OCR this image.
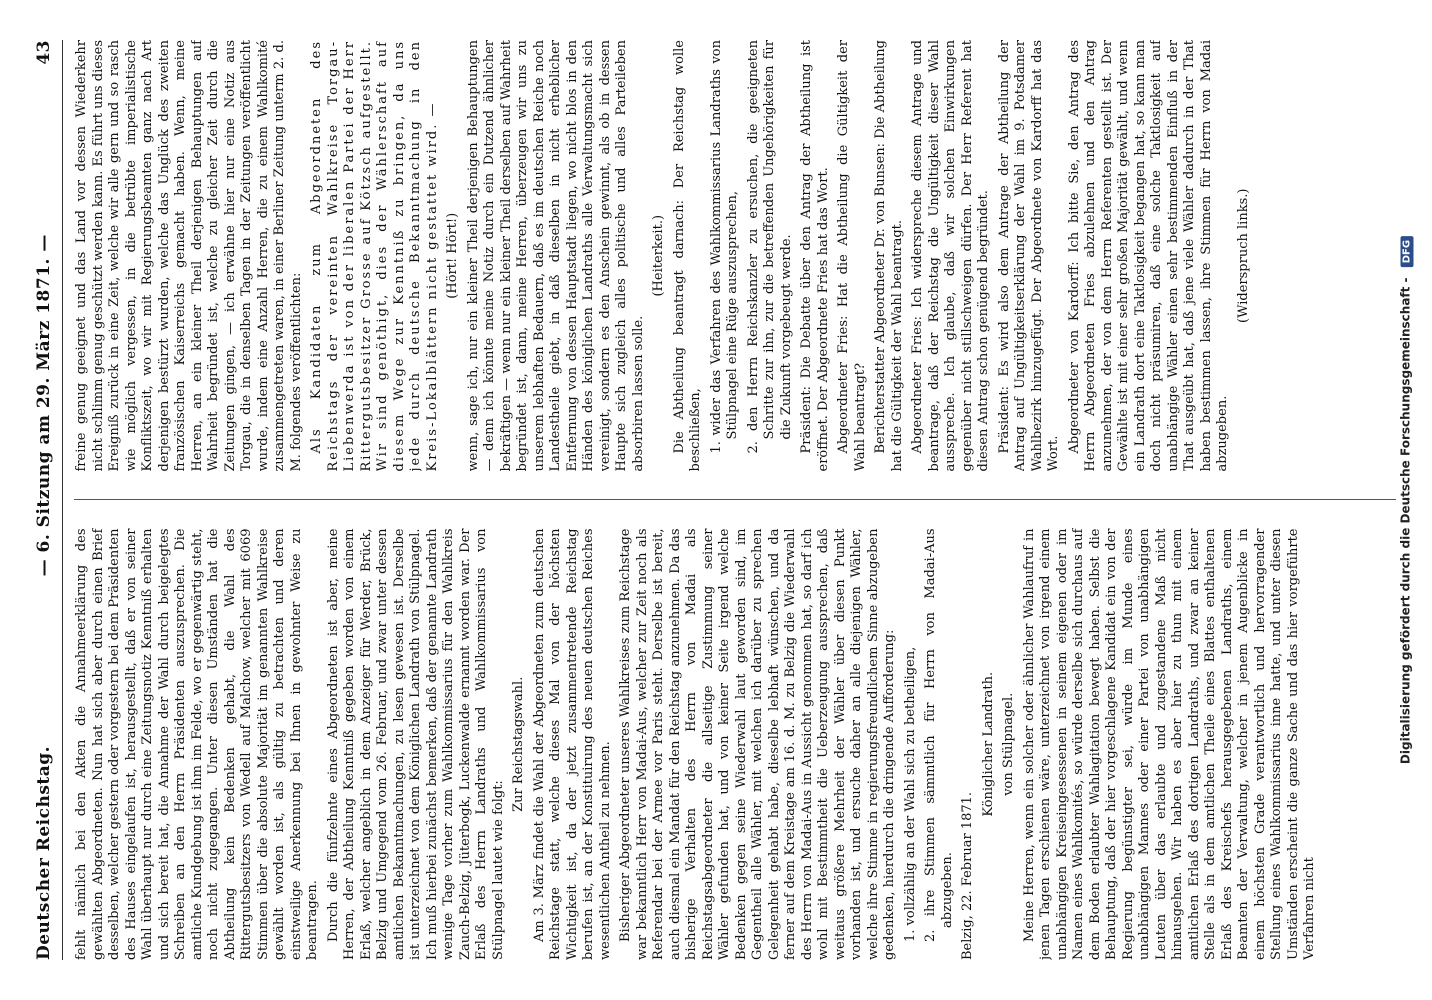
Deutscher Reichstag.
— 6. Sitzung am 29. März 1871. —
43

fehlt nämlich bei den Akten die Annahmeerklärung des gewählten Abgeordneten. Nun hat sich aber durch einen Brief desselben, welcher gestern oder vorgestern bei dem Präsidenten des Hauses eingelaufen ist, herausgestellt, daß er von seiner Wahl überhaupt nur durch eine Zeitungsnotiz Kenntniß erhalten und sich bereit hat, die Annahme der Wahl durch beigelegtes Schreiben an den Herrn Präsidenten auszusprechen. Die amtliche Kundgebung ist ihm im Felde, wo er gegenwärtig steht, noch nicht zugegangen. Unter diesen Umständen hat die Abtheilung kein Bedenken gehabt, die Wahl des Rittergutsbesitzers von Wedell auf Malchow, welcher mit 6069 Stimmen über die absolute Majorität im genannten Wahlkreise gewählt worden ist, als gültig zu betrachten und deren einstweilige Anerkennung bei Ihnen in gewohnter Weise zu beantragen. Durch die fünfzehnte eines Abgeordneten ist aber, meine Herren, der Abtheilung Kenntniß gegeben worden von einem Erlaß, welcher angeblich in dem Anzeiger für Werder, Brück, Belzig und Umgegend vom 26. Februar, und zwar unter dessen amtlichen Bekanntmachungen, zu lesen gewesen ist. Derselbe ist unterzeichnet von dem Königlichen Landrath von Stülpnagel. Ich muß hierbei zunächst bemerken, daß der genannte Landrath wenige Tage vorher zum Wahlkommissarius für den Wahlkreis Zauch-Belzig, Jüterbogk, Luckenwalde ernannt worden war. Der Erlaß des Herrn Landraths und Wahlkommissarius von Stülpnagel lautet wie folgt:

Zur Reichstagswahl. Am 3. März findet die Wahl der Abgeordneten zum deutschen Reichstage statt, welche dieses Mal von der höchsten Wichtigkeit ist, da der jetzt zusammentretende Reichstag berufen ist, an der Konstituirung des neuen deutschen Reiches wesentlichen Antheil zu nehmen. Bisheriger Abgeordneter unseres Wahlkreises zum Reichstage war bekanntlich Herr von Madai-Aus, welcher zur Zeit noch als Referendar bei der Armee vor Paris steht. Derselbe ist bereit, auch diesmal ein Mandat für den Reichstag anzunehmen. Da das bisherige Verhalten des Herrn von Madai als Reichstagsabgeordneter die allseitige Zustimmung seiner Wähler gefunden hat, und von keiner Seite irgend welche Bedenken gegen seine Wiederwahl laut geworden sind, im Gegentheil alle Wähler, mit welchen ich darüber zu sprechen Gelegenheit gehabt habe, dieselbe lebhaft wünschen, und da ferner auf dem Kreistage am 16. d. M. zu Belzig die Wiederwahl des Herrn von Madai-Aus in Aussicht genommen hat, so darf ich wohl mit Bestimmtheit die Ueberzeugung aussprechen, daß weitaus größere Mehrheit der Wähler über diesen Punkt vorhanden ist, und ersuche daher an alle diejenigen Wähler, welche ihre Stimme in regierungsfreundlichem Sinne abzugeben gedenken, hierdurch die dringende Aufforderung: 1. vollzählig an der Wahl sich zu betheiligen, 2. ihre Stimmen sämmtlich für Herrn von Madai-Aus abzugeben. Belzig, 22. Februar 1871.

Königlicher Landrath. von Stülpnagel. Meine Herren, wenn ein solcher oder ähnlicher Wahlaufruf in jenen Tagen erschienen wäre, unterzeichnet von irgend einem unabhängigen Kreiseingesessenen in seinem eigenen oder im Namen eines Wahlkomités, so würde derselbe sich durchaus auf dem Boden erlaubter Wahlagitation bewegt haben. Selbst die Behauptung, daß der hier vorgeschlagene Kandidat ein von der Regierung begünstigter sei, würde im Munde eines unabhängigen Mannes oder einer Partei von unabhängigen Leuten über das erlaubte und zugestandene Maß nicht hinausgehen. Wir haben es aber hier zu thun mit einem amtlichen Erlaß des dortigen Landraths, und zwar an keiner Stelle als in dem amtlichen Theile eines Blattes enthaltenen Erlaß des Kreischefs herausgegebenen Landraths, einem Beamten der Verwaltung, welcher in jenem Augenblicke in einem höchsten Grade verantwortlich und hervorragender Stellung eines Wahlkommissarius inne hatte, und unter diesen Umständen erscheint die ganze Sache und das hier vorgeführte Verfahren nicht

freine genug geeignet und das Land vor dessen Wiederkehr nicht schlimm genug geschützt werden kann. Es führt uns dieses Ereigniß zurück in eine Zeit, welche wir alle gern und so rasch wie möglich vergessen, in die betrübte imperialistische Konfliktszeit, wo wir mit Regierungsbeamten ganz nach Art derjenigen bestürzt wurden, welche das Unglück des zweiten französischen Kaiserreichs gemacht haben. Wenn, meine Herren, an ein kleiner Theil derjenigen Behauptungen auf Wahrheit begründet ist, welche zu gleicher Zeit durch die Zeitungen gingen, — ich erwähne hier nur eine Notiz aus Torgau, die in denselben Tagen in der Zeitungen veröffentlicht wurde, indem eine Anzahl Herren, die zu einem Wahlkomité zusammengetreten waren, in einer Berliner Zeitung unterm 2. d. M. folgendes veröffentlichten: Als Kandidaten zum Abgeordneten des Reichstags der vereinten Wahlkreise Torgau-Liebenwerda ist von der liberalen Partei der Herr Rittergutsbesitzer Grosse auf Kötzsch aufgestellt. Wir sind genöthigt, dies der Wählerschaft auf diesem Wege zur Kenntniß zu bringen, da uns jede durch deutsche Bekanntmachung in den Kreis-Lokalblättern nicht gestattet wird. — (Hört! Hört!) wenn, sage ich, nur ein kleiner Theil derjenigen Behauptungen — denn ich könnte meine Notiz durch ein Dutzend ähnlicher bekräftigen — wenn nur ein kleiner Theil derselben auf Wahrheit begründet ist, dann, meine Herren, überzeugen wir uns zu unserem lebhaften Bedauern, daß es im deutschen Reiche noch Landestheile giebt, in daß dieselben in nicht erheblicher Entfernung von dessen Hauptstadt liegen, wo nicht blos in den Händen des königlichen Landraths alle Verwaltungsmacht sich vereinigt, sondern es den Anschein gewinnt, als ob in dessen Haupte sich zugleich alles politische und alles Parteileben absorbiren lassen solle.

(Heiterkeit.) Die Abtheilung beantragt darnach: Der Reichstag wolle beschließen, 1. wider das Verfahren des Wahlkommissarius Landraths von Stülpnagel eine Rüge auszusprechen, 2. den Herrn Reichskanzler zu ersuchen, die geeigneten Schritte zur ihn, zur die betreffenden Ungehörigkeiten für die Zukunft vorgebeugt werde. Präsident: Die Debatte über den Antrag der Abtheilung ist eröffnet. Der Abgeordnete Fries hat das Wort. Abgeordneter Fries: Hat die Abtheilung die Gültigkeit der Wahl beantragt? Berichterstatter Abgeordneter Dr. von Bunsen: Die Abtheilung hat die Gültigkeit der Wahl beantragt. Abgeordneter Fries: Ich widerspreche diesem Antrage und beantrage, daß der Reichstag die Ungültigkeit dieser Wahl ausspreche. Ich glaube, daß wir solchen Einwirkungen gegenüber nicht stillschweigen dürfen. Der Herr Referent hat diesen Antrag schon genügend begründet. Präsident: Es wird also dem Antrage der Abtheilung der Antrag auf Ungültigkeitserklärung der Wahl im 9. Potsdamer Wahlbezirk hinzugefügt. Der Abgeordnete von Kardorff hat das Wort.

Abgeordneter von Kardorff: Ich bitte Sie, den Antrag des Herrn Abgeordneten Fries abzulehnen und den Antrag anzunehmen, der von dem Herrn Referenten gestellt ist. Der Gewählte ist mit einer sehr großen Majorität gewählt, und wenn ein Landrath dort eine Taktlosigkeit begangen hat, so kann man doch nicht präsumiren, daß eine solche Taktlosigkeit auf unabhängige Wähler einen sehr bestimmenden Einfluß in der That ausgeübt hat, daß jene viele Wähler dadurch in der That haben bestimmen lassen, ihre Stimmen für Herrn von Madai abzugeben.

(Widerspruch links.)

Digitalisierung gefördert durch die Deutsche Forschungsgemeinschaft - DFG
